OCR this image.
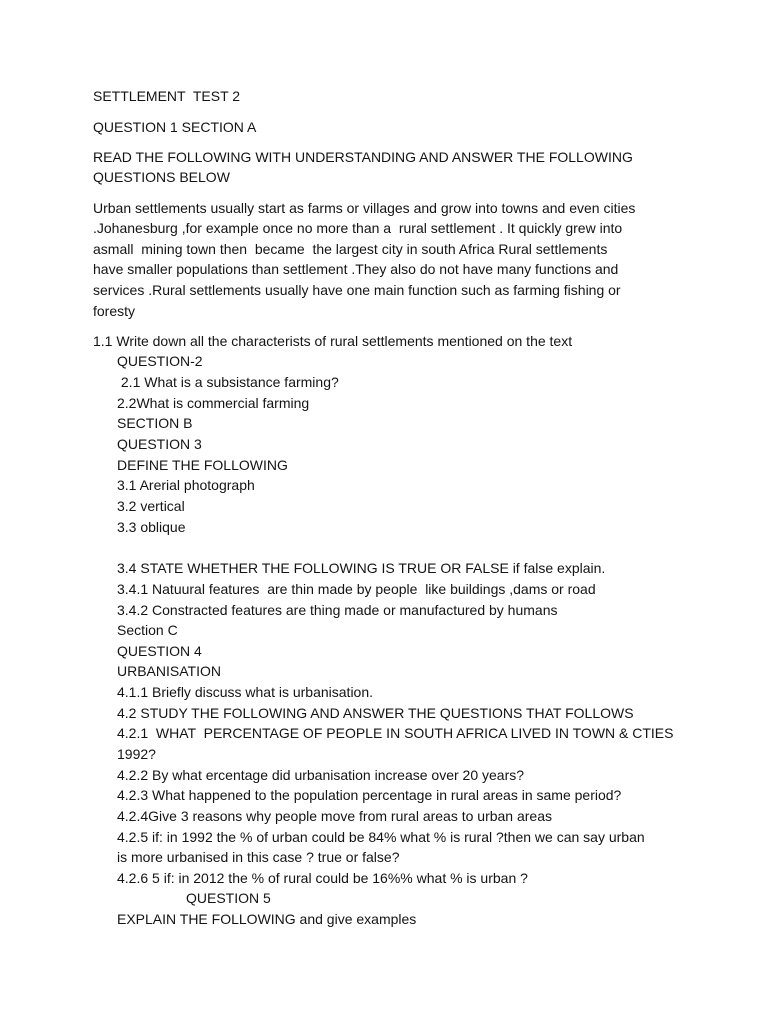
SETTLEMENT  TEST 2
QUESTION 1 SECTION A
READ THE FOLLOWING WITH UNDERSTANDING AND ANSWER THE FOLLOWING
QUESTIONS BELOW
Urban settlements usually start as farms or villages and grow into towns and even cities
.Johanesburg ,for example once no more than a  rural settlement . It quickly grew into
asmall  mining town then  became  the largest city in south Africa Rural settlements
have smaller populations than settlement .They also do not have many functions and
services .Rural settlements usually have one main function such as farming fishing or
foresty
1.1 Write down all the characterists of rural settlements mentioned on the text
QUESTION-2
2.1 What is a subsistance farming?
2.2What is commercial farming
SECTION B
QUESTION 3
DEFINE THE FOLLOWING
3.1 Arerial photograph
3.2 vertical
3.3 oblique
3.4 STATE WHETHER THE FOLLOWING IS TRUE OR FALSE if false explain.
3.4.1 Natuural features  are thin made by people  like buildings ,dams or road
3.4.2 Constracted features are thing made or manufactured by humans
Section C
QUESTION 4
URBANISATION
4.1.1 Briefly discuss what is urbanisation.
4.2 STUDY THE FOLLOWING AND ANSWER THE QUESTIONS THAT FOLLOWS
4.2.1  WHAT  PERCENTAGE OF PEOPLE IN SOUTH AFRICA LIVED IN TOWN & CTIES
1992?
4.2.2 By what ercentage did urbanisation increase over 20 years?
4.2.3 What happened to the population percentage in rural areas in same period?
4.2.4Give 3 reasons why people move from rural areas to urban areas
4.2.5 if: in 1992 the % of urban could be 84% what % is rural ?then we can say urban
is more urbanised in this case ? true or false?
4.2.6 5 if: in 2012 the % of rural could be 16%% what % is urban ?
QUESTION 5
EXPLAIN THE FOLLOWING and give examples
